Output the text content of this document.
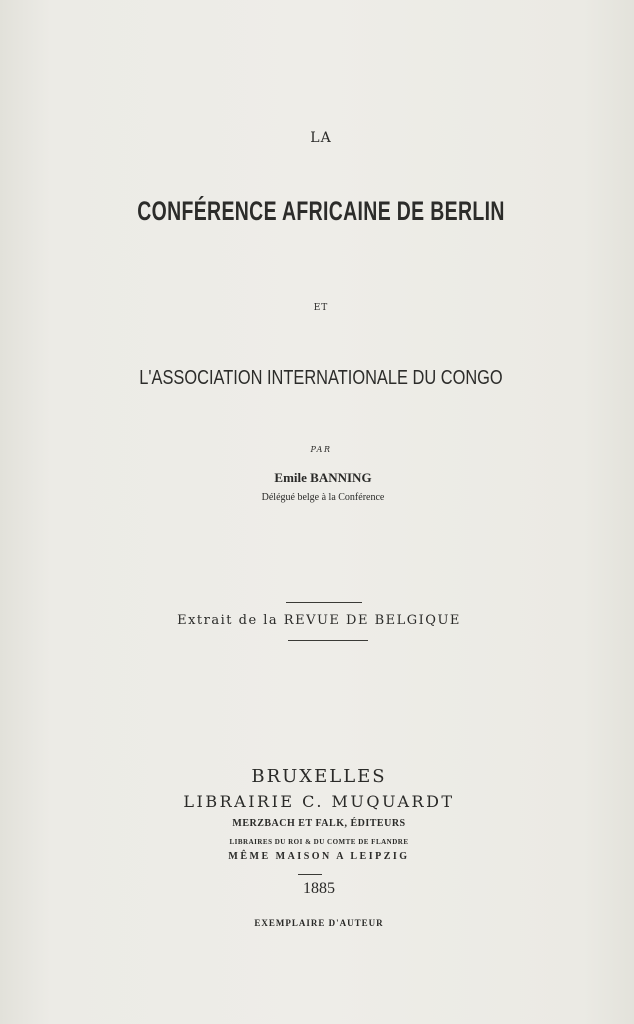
LA
CONFÉRENCE AFRICAINE DE BERLIN
ET
L'ASSOCIATION INTERNATIONALE DU CONGO
PAR
Emile BANNING
Délégué belge à la Conférence
Extrait de la REVUE DE BELGIQUE
BRUXELLES
LIBRAIRIE C. MUQUARDT
MERZBACH ET FALK, ÉDITEURS
LIBRAIRES DU ROI & DU COMTE DE FLANDRE
MÊME MAISON A LEIPZIG
1885
EXEMPLAIRE D'AUTEUR
